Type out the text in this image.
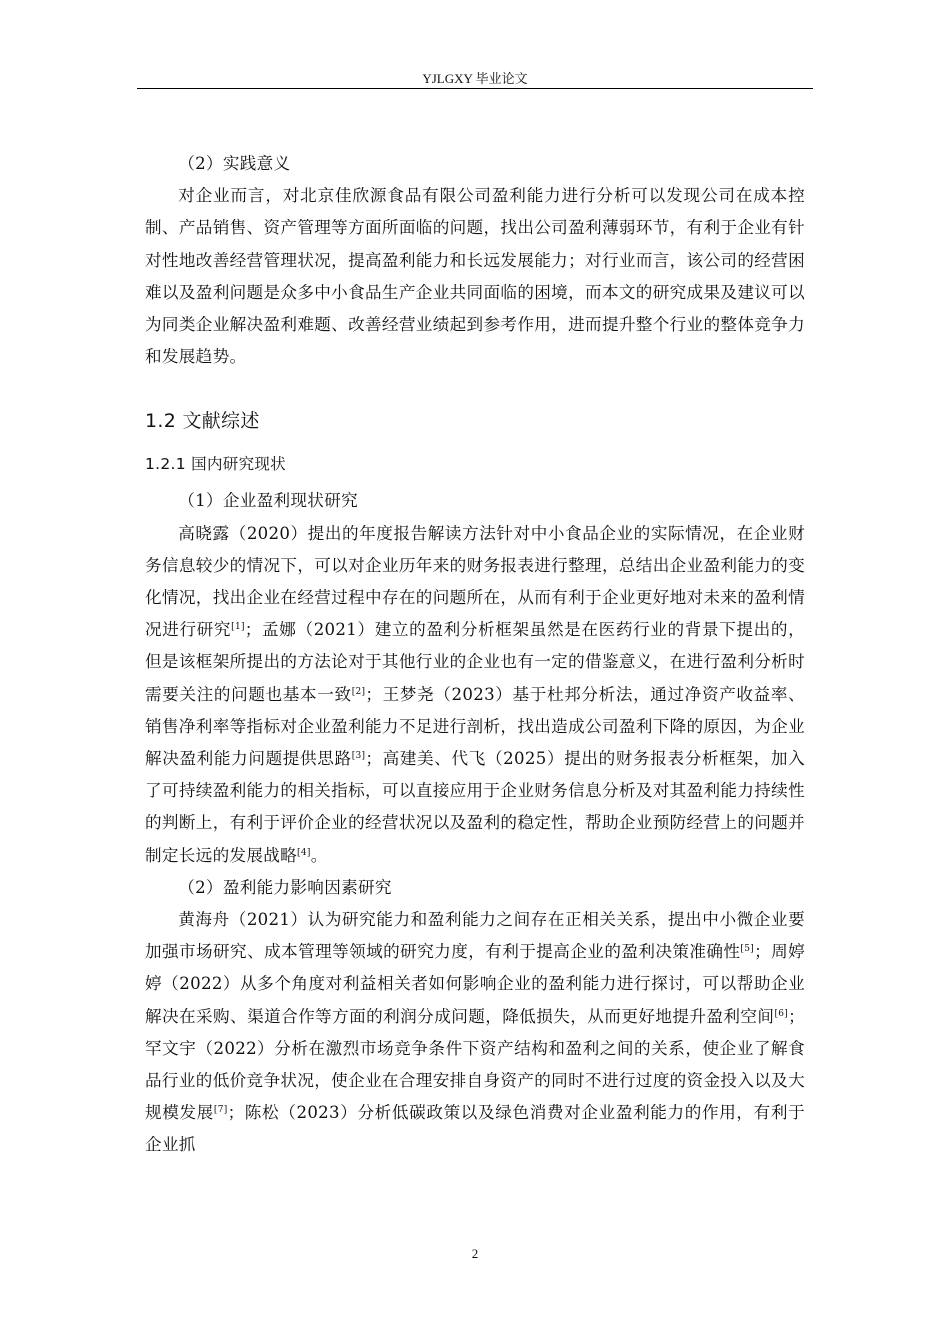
YJLGXY 毕业论文

（2）实践意义

对企业而言，对北京佳欣源食品有限公司盈利能力进行分析可以发现公司在成本控制、产品销售、资产管理等方面所面临的问题，找出公司盈利薄弱环节，有利于企业有针对性地改善经营管理状况，提高盈利能力和长远发展能力；对行业而言，该公司的经营困难以及盈利问题是众多中小食品生产企业共同面临的困境，而本文的研究成果及建议可以为同类企业解决盈利难题、改善经营业绩起到参考作用，进而提升整个行业的整体竞争力和发展趋势。

1.2 文献综述
1.2.1 国内研究现状

（1）企业盈利现状研究

高晓露（2020）提出的年度报告解读方法针对中小食品企业的实际情况，在企业财务信息较少的情况下，可以对企业历年来的财务报表进行整理，总结出企业盈利能力的变化情况，找出企业在经营过程中存在的问题所在，从而有利于企业更好地对未来的盈利情况进行研究[1]；孟娜（2021）建立的盈利分析框架虽然是在医药行业的背景下提出的，但是该框架所提出的方法论对于其他行业的企业也有一定的借鉴意义，在进行盈利分析时需要关注的问题也基本一致[2]；王梦尧（2023）基于杜邦分析法，通过净资产收益率、销售净利率等指标对企业盈利能力不足进行剖析，找出造成公司盈利下降的原因，为企业解决盈利能力问题提供思路[3]；高建美、代飞（2025）提出的财务报表分析框架，加入了可持续盈利能力的相关指标，可以直接应用于企业财务信息分析及对其盈利能力持续性的判断上，有利于评价企业的经营状况以及盈利的稳定性，帮助企业预防经营上的问题并制定长远的发展战略[4]。

（2）盈利能力影响因素研究

黄海舟（2021）认为研究能力和盈利能力之间存在正相关关系，提出中小微企业要加强市场研究、成本管理等领域的研究力度，有利于提高企业的盈利决策准确性[5]；周婷婷（2022）从多个角度对利益相关者如何影响企业的盈利能力进行探讨，可以帮助企业解决在采购、渠道合作等方面的利润分成问题，降低损失，从而更好地提升盈利空间[6]；罕文宇（2022）分析在激烈市场竞争条件下资产结构和盈利之间的关系，使企业了解食品行业的低价竞争状况，使企业在合理安排自身资产的同时不进行过度的资金投入以及大规模发展[7]；陈松（2023）分析低碳政策以及绿色消费对企业盈利能力的作用，有利于企业抓

2
